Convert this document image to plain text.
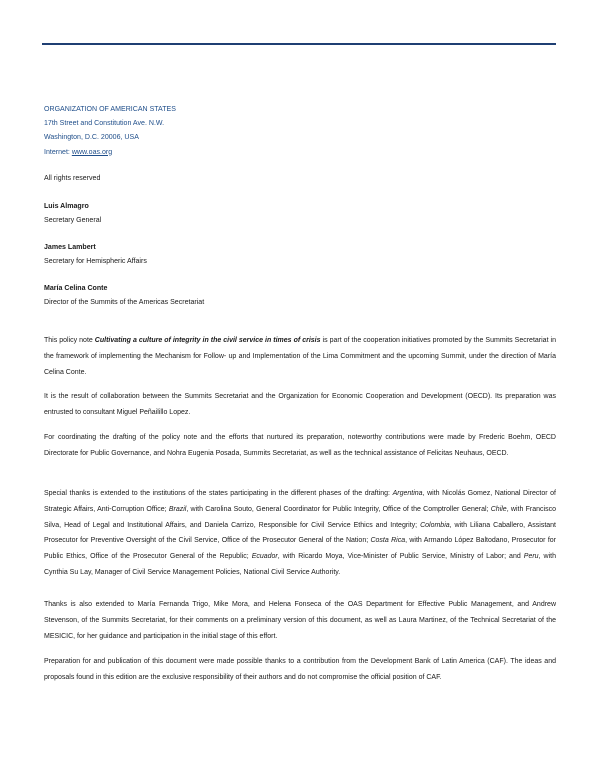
ORGANIZATION OF AMERICAN STATES
17th Street and Constitution Ave. N.W.
Washington, D.C. 20006, USA
Internet: www.oas.org
All rights reserved
Luis Almagro
Secretary General
James Lambert
Secretary for Hemispheric Affairs
María Celina Conte
Director of the Summits of the Americas Secretariat
This policy note Cultivating a culture of integrity in the civil service in times of crisis is part of the cooperation initiatives promoted by the Summits Secretariat in the framework of implementing the Mechanism for Follow- up and Implementation of the Lima Commitment and the upcoming Summit, under the direction of María Celina Conte.
It is the result of collaboration between the Summits Secretariat and the Organization for Economic Cooperation and Development (OECD). Its preparation was entrusted to consultant Miguel Peñailillo Lopez.
For coordinating the drafting of the policy note and the efforts that nurtured its preparation, noteworthy contributions were made by Frederic Boehm, OECD Directorate for Public Governance, and Nohra Eugenia Posada, Summits Secretariat, as well as the technical assistance of Felicitas Neuhaus, OECD.
Special thanks is extended to the institutions of the states participating in the different phases of the drafting: Argentina, with Nicolás Gomez, National Director of Strategic Affairs, Anti-Corruption Office; Brazil, with Carolina Souto, General Coordinator for Public Integrity, Office of the Comptroller General; Chile, with Francisco Silva, Head of Legal and Institutional Affairs, and Daniela Carrizo, Responsible for Civil Service Ethics and Integrity; Colombia, with Liliana Caballero, Assistant Prosecutor for Preventive Oversight of the Civil Service, Office of the Prosecutor General of the Nation; Costa Rica, with Armando López Baltodano, Prosecutor for Public Ethics, Office of the Prosecutor General of the Republic; Ecuador, with Ricardo Moya, Vice-Minister of Public Service, Ministry of Labor; and Peru, with Cynthia Su Lay, Manager of Civil Service Management Policies, National Civil Service Authority.
Thanks is also extended to María Fernanda Trigo, Mike Mora, and Helena Fonseca of the OAS Department for Effective Public Management, and Andrew Stevenson, of the Summits Secretariat, for their comments on a preliminary version of this document, as well as Laura Martinez, of the Technical Secretariat of the MESICIC, for her guidance and participation in the initial stage of this effort.
Preparation for and publication of this document were made possible thanks to a contribution from the Development Bank of Latin America (CAF). The ideas and proposals found in this edition are the exclusive responsibility of their authors and do not compromise the official position of CAF.
